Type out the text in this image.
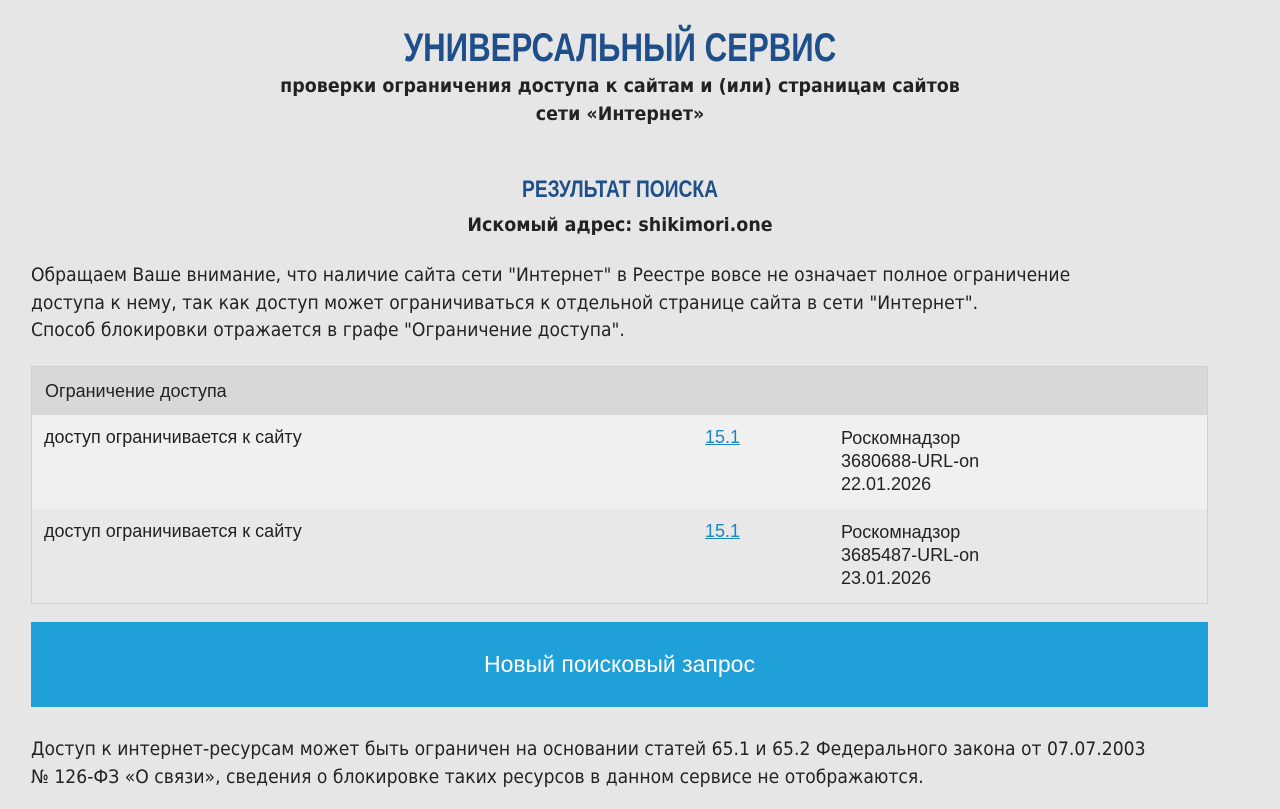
УНИВЕРСАЛЬНЫЙ СЕРВИС
проверки ограничения доступа к сайтам и (или) страницам сайтов
сети «Интернет»
РЕЗУЛЬТАТ ПОИСКА
Искомый адрес: shikimori.one
Обращаем Ваше внимание, что наличие сайта сети "Интернет" в Реестре вовсе не означает полное ограничение
доступа к нему, так как доступ может ограничиваться к отдельной странице сайта в сети "Интернет".
Способ блокировки отражается в графе "Ограничение доступа".
Ограничение доступа
доступ ограничивается к сайту	15.1	Роскомнадзор
3680688-URL-on
22.01.2026
доступ ограничивается к сайту	15.1	Роскомнадзор
3685487-URL-on
23.01.2026
Новый поисковый запрос
Доступ к интернет-ресурсам может быть ограничен на основании статей 65.1 и 65.2 Федерального закона от 07.07.2003
№ 126-ФЗ «О связи», сведения о блокировке таких ресурсов в данном сервисе не отображаются.
